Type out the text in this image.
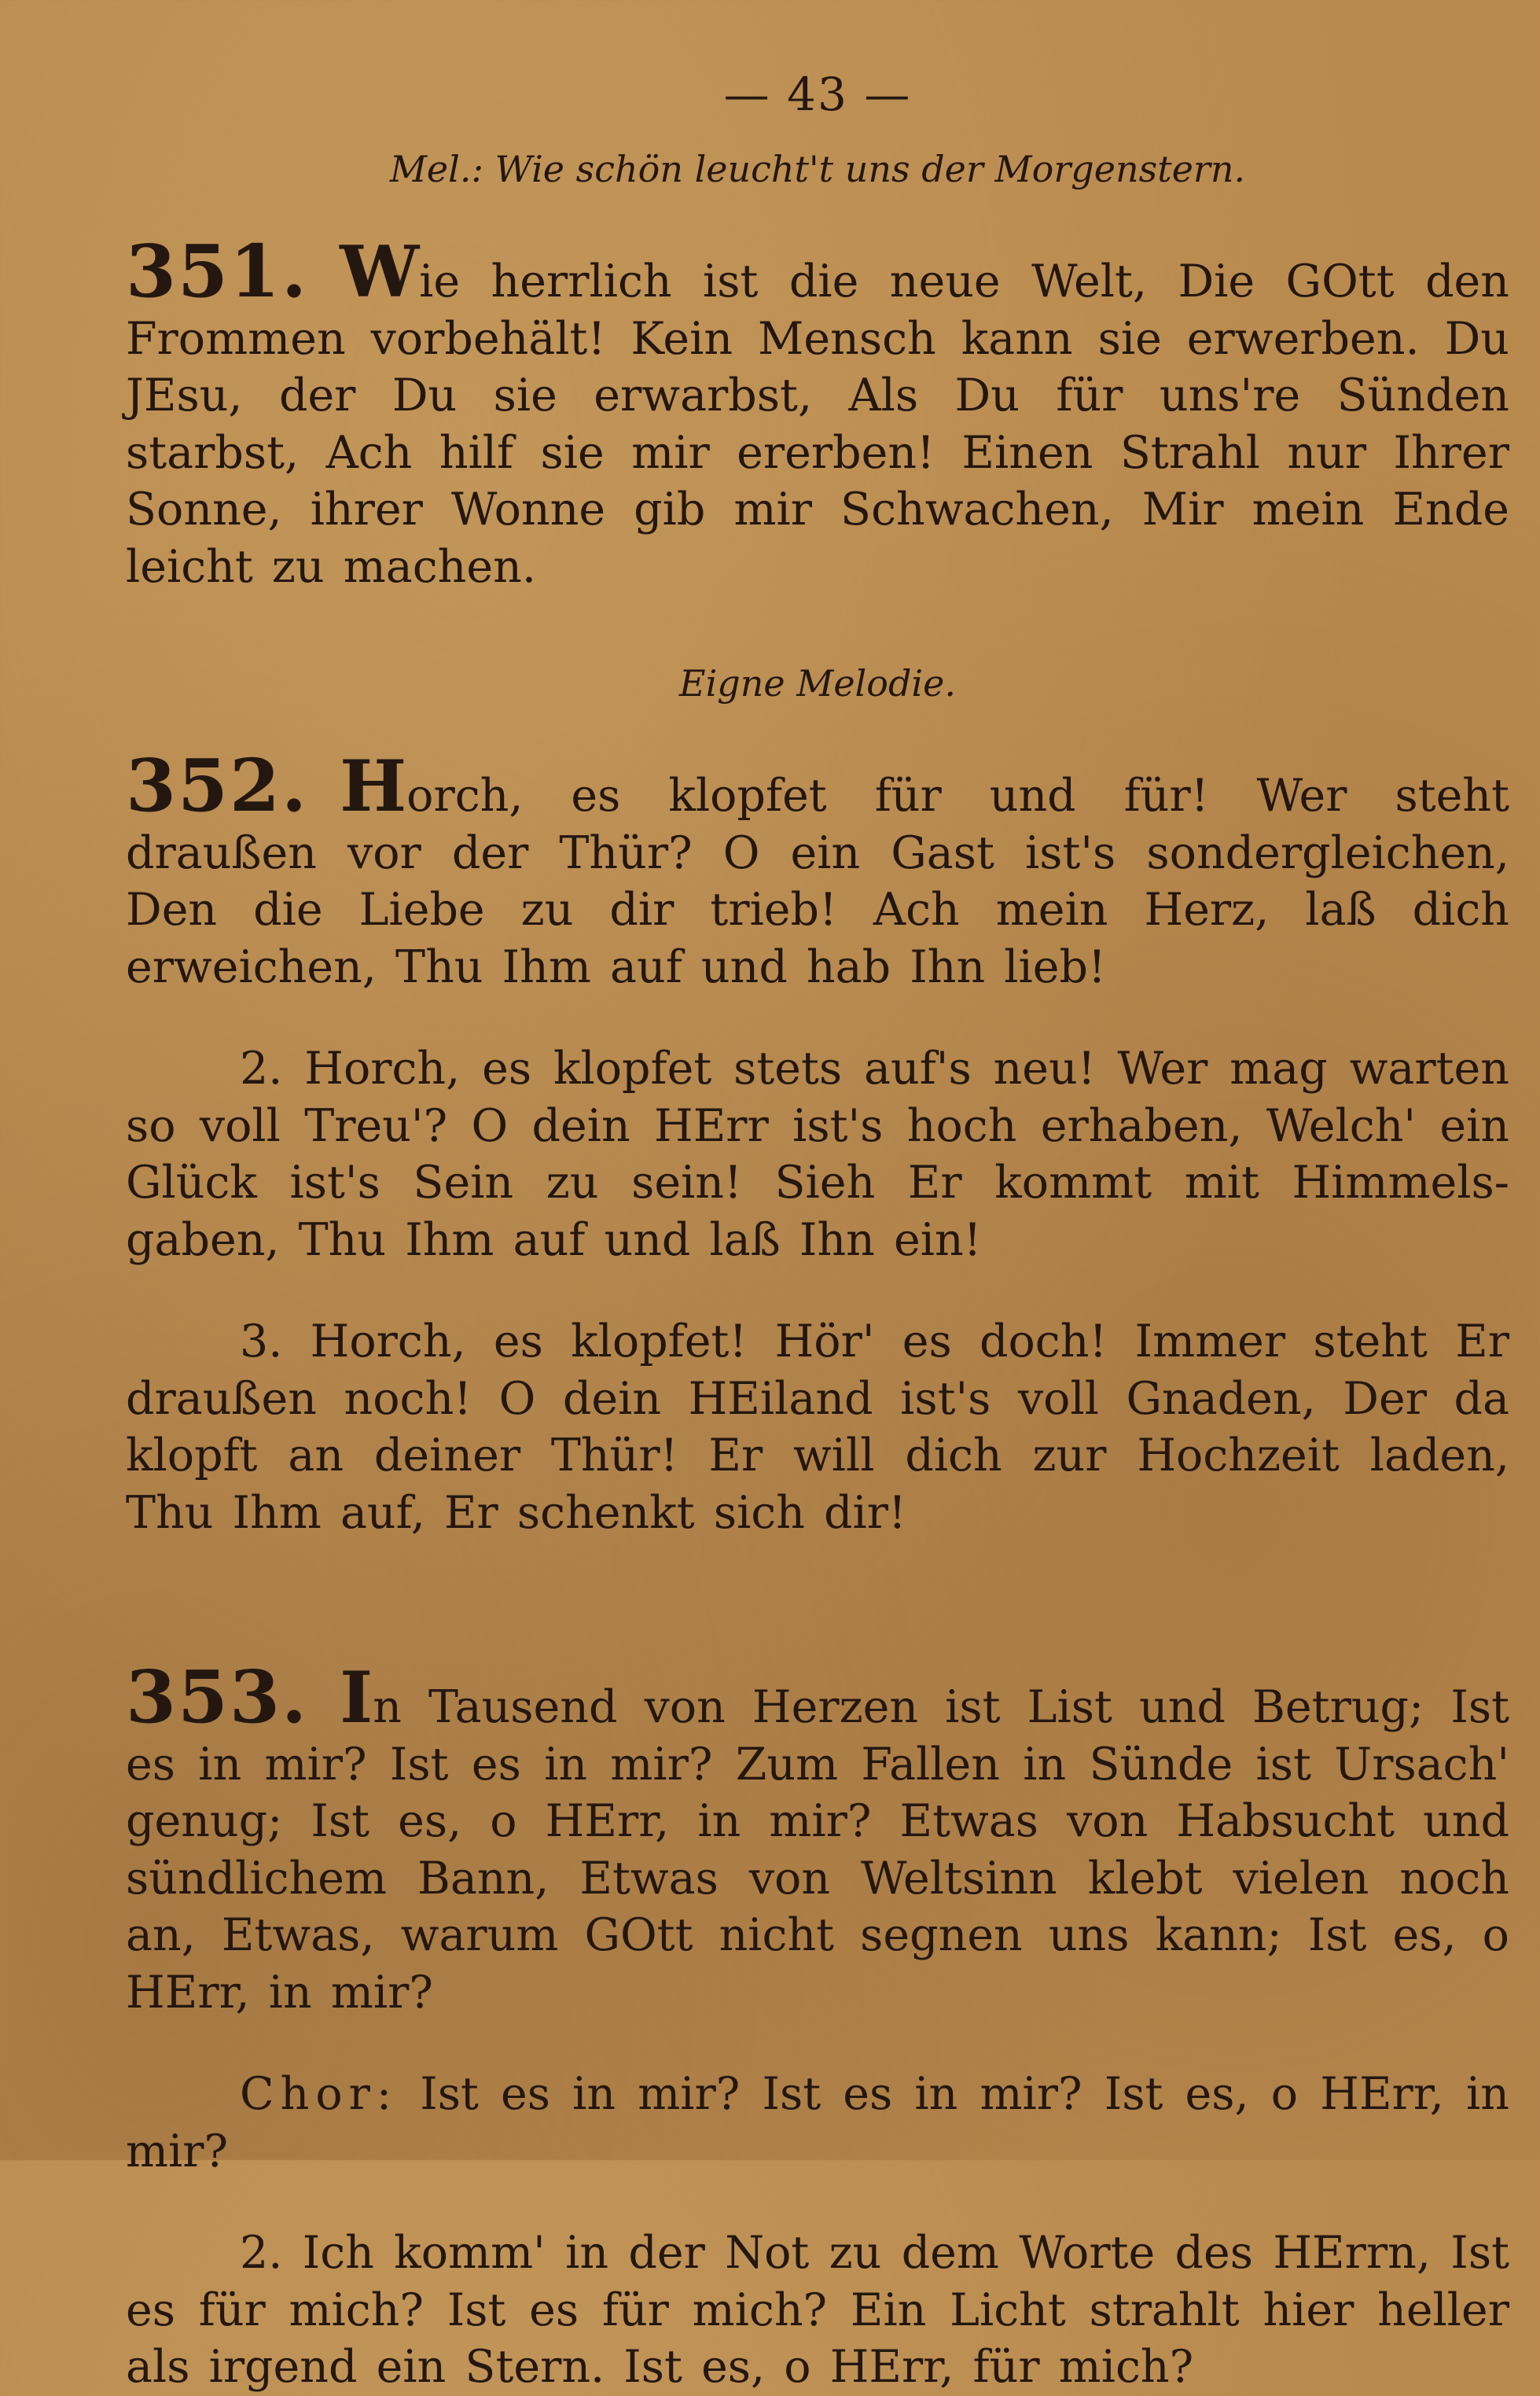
— 43 —
Mel.: Wie schön leucht't uns der Morgenstern.

351. Wie herrlich ist die neue Welt, Die GOtt den Frommen vorbehält! Kein Mensch kann sie erwerben. Du JEsu, der Du sie erwarbst, Als Du für uns're Sünden starbst, Ach hilf sie mir ererben! Einen Strahl nur Ihrer Sonne, ihrer Wonne gib mir Schwachen, Mir mein Ende leicht zu machen.

Eigne Melodie.

352. Horch, es klopfet für und für! Wer steht draußen vor der Thür? O ein Gast ist's sondergleichen, Den die Liebe zu dir trieb! Ach mein Herz, laß dich erweichen, Thu Ihm auf und hab Ihn lieb!

2. Horch, es klopfet stets auf's neu! Wer mag warten so voll Treu'? O dein HErr ist's hoch erhaben, Welch' ein Glück ist's Sein zu sein! Sieh Er kommt mit Himmels-gaben, Thu Ihm auf und laß Ihn ein!

3. Horch, es klopfet! Hör' es doch! Immer steht Er draußen noch! O dein HEiland ist's voll Gnaden, Der da klopft an deiner Thür! Er will dich zur Hochzeit laden, Thu Ihm auf, Er schenkt sich dir!

353. In Tausend von Herzen ist List und Betrug; Ist es in mir? Ist es in mir? Zum Fallen in Sünde ist Ursach' genug; Ist es, o HErr, in mir? Etwas von Habsucht und sündlichem Bann, Etwas von Weltsinn klebt vielen noch an, Etwas, warum GOtt nicht segnen uns kann; Ist es, o HErr, in mir?

Chor: Ist es in mir? Ist es in mir? Ist es, o HErr, in mir?

2. Ich komm' in der Not zu dem Worte des HErrn, Ist es für mich? Ist es für mich? Ein Licht strahlt hier heller als irgend ein Stern. Ist es, o HErr, für mich?
